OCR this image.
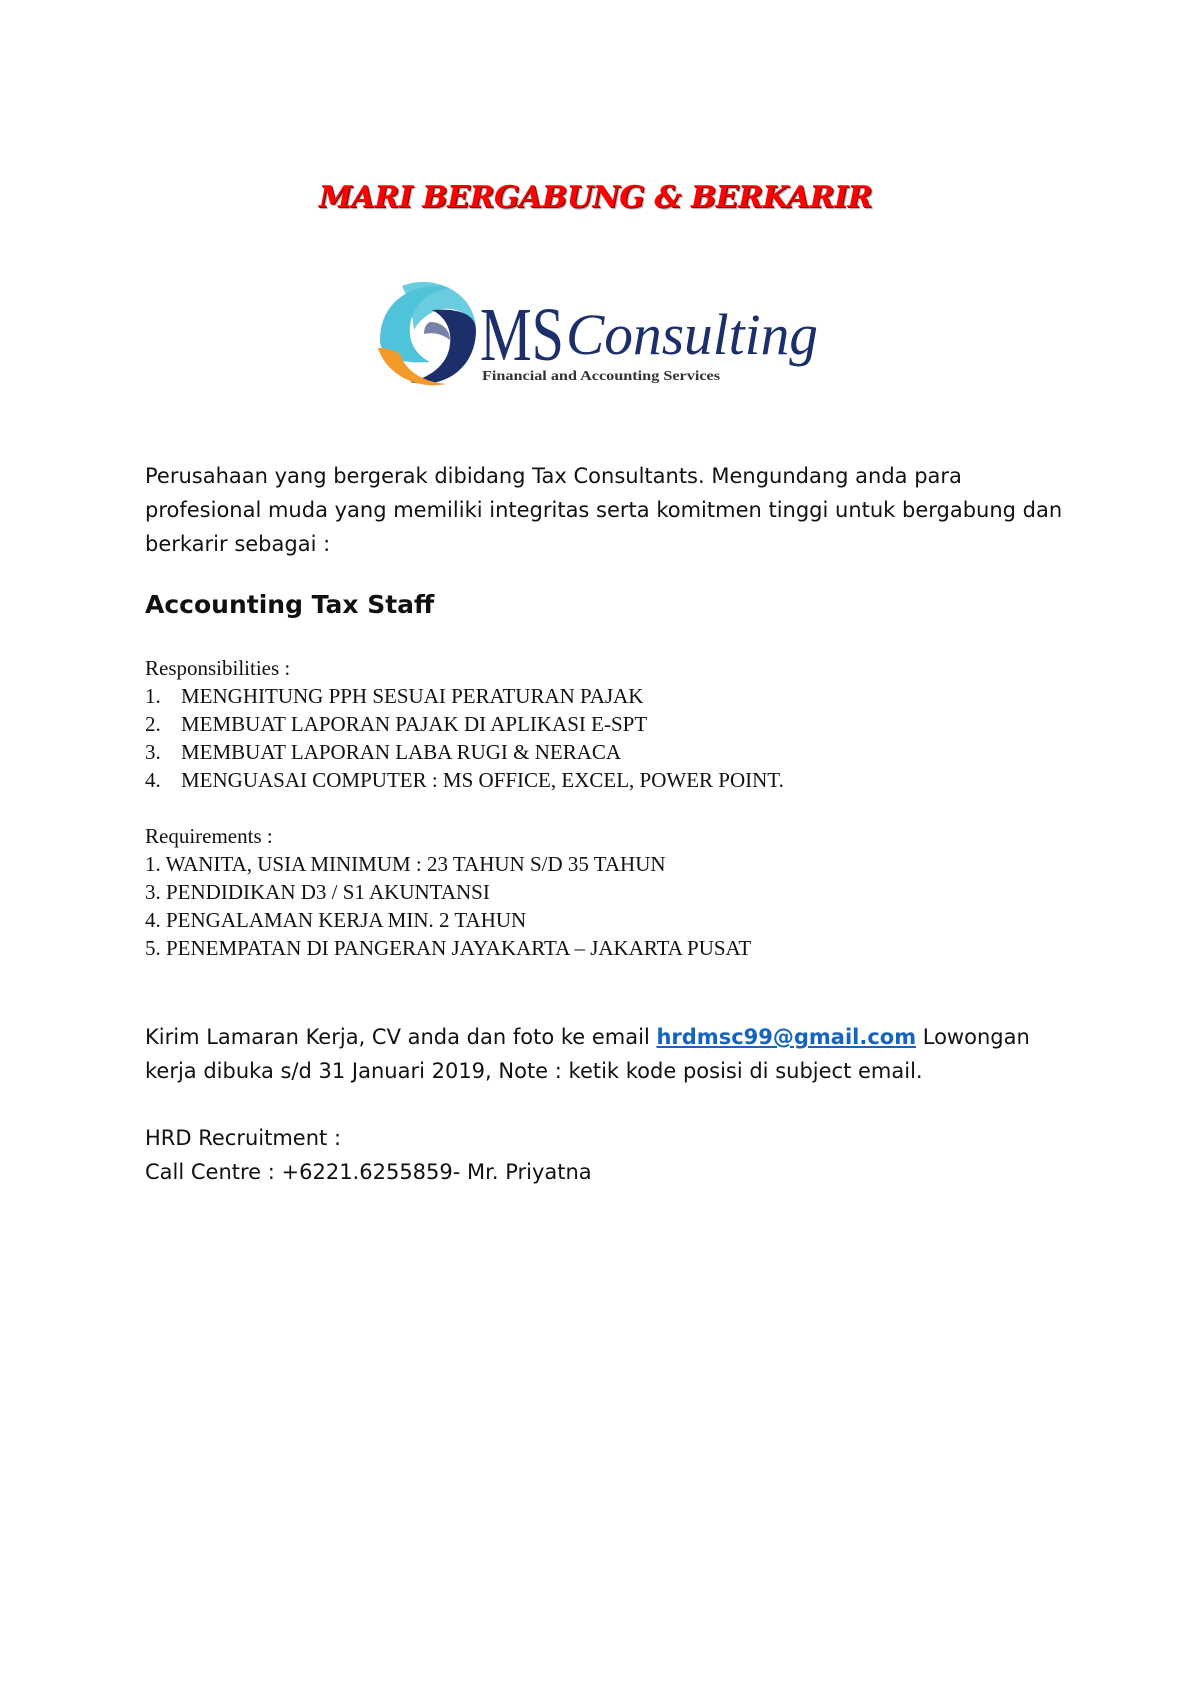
MARI BERGABUNG & BERKARIR
MS Consulting
Financial and Accounting Services

Perusahaan yang bergerak dibidang Tax Consultants. Mengundang anda para profesional muda yang memiliki integritas serta komitmen tinggi untuk bergabung dan berkarir sebagai :

Accounting Tax Staff
Responsibilities :
1. MENGHITUNG PPH SESUAI PERATURAN PAJAK
2. MEMBUAT LAPORAN PAJAK DI APLIKASI E-SPT
3. MEMBUAT LAPORAN LABA RUGI & NERACA
4. MENGUASAI COMPUTER : MS OFFICE, EXCEL, POWER POINT.
Requirements :
1. WANITA, USIA MINIMUM : 23 TAHUN S/D 35 TAHUN
3. PENDIDIKAN D3 / S1 AKUNTANSI
4. PENGALAMAN KERJA MIN. 2 TAHUN
5. PENEMPATAN DI PANGERAN JAYAKARTA – JAKARTA PUSAT

Kirim Lamaran Kerja, CV anda dan foto ke email hrdmsc99@gmail.com Lowongan kerja dibuka s/d 31 Januari 2019, Note : ketik kode posisi di subject email.

HRD Recruitment :
Call Centre : +6221.6255859- Mr. Priyatna
